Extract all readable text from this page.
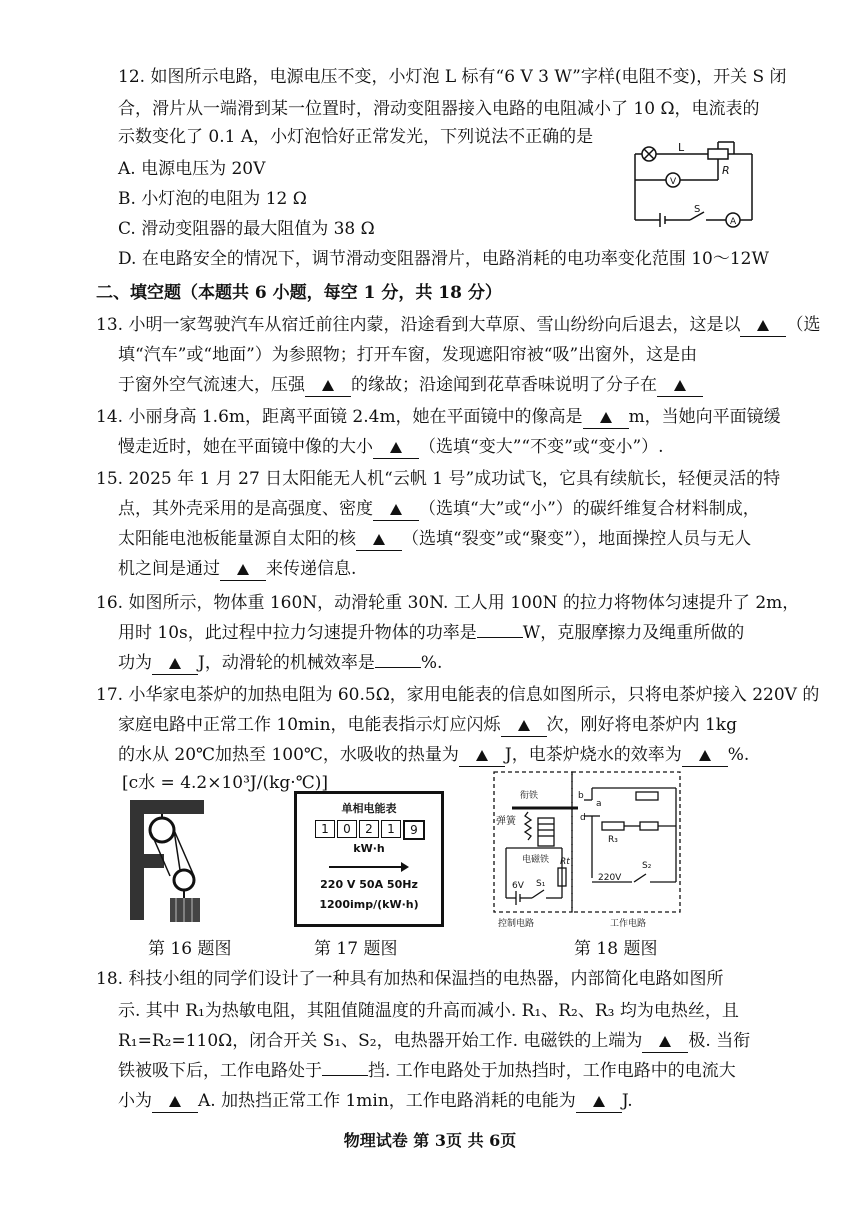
12. 如图所示电路，电源电压不变，小灯泡 L 标有“6 V 3 W”字样(电阻不变)，开关 S 闭
合，滑片从一端滑到某一位置时，滑动变阻器接入电路的电阻减小了 10 Ω，电流表的
示数变化了 0.1 A，小灯泡恰好正常发光，下列说法不正确的是
A. 电源电压为 20V
B. 小灯泡的电阻为 12 Ω
C. 滑动变阻器的最大阻值为 38 Ω
D. 在电路安全的情况下，调节滑动变阻器滑片，电路消耗的电功率变化范围 10～12W
L
V
R
S
A
二、填空题（本题共 6 小题，每空 1 分，共 18 分）
13. 小明一家驾驶汽车从宿迁前往内蒙，沿途看到大草原、雪山纷纷向后退去，这是以	（选
填“汽车”或“地面”）为参照物；打开车窗，发现遮阳帘被“吸”出窗外，这是由
于窗外空气流速大，压强	的缘故；沿途闻到花草香味说明了分子在
14. 小丽身高 1.6m，距离平面镜 2.4m，她在平面镜中的像高是	m，当她向平面镜缓
慢走近时，她在平面镜中像的大小	（选填“变大”“不变”或“变小”）.
15. 2025 年 1 月 27 日太阳能无人机“云帆 1 号”成功试飞，它具有续航长，轻便灵活的特
点，其外壳采用的是高强度、密度	（选填“大”或“小”）的碳纤维复合材料制成，
太阳能电池板能量源自太阳的核	（选填“裂变”或“聚变”），地面操控人员与无人
机之间是通过	来传递信息.
16. 如图所示，物体重 160N，动滑轮重 30N. 工人用 100N 的拉力将物体匀速提升了 2m，
用时 10s，此过程中拉力匀速提升物体的功率是	W，克服摩擦力及绳重所做的
功为	J，动滑轮的机械效率是	%.
17. 小华家电茶炉的加热电阻为 60.5Ω，家用电能表的信息如图所示，只将电茶炉接入 220V 的
家庭电路中正常工作 10min，电能表指示灯应闪烁	次，刚好将电茶炉内 1kg
的水从 20℃加热至 100℃，水吸收的热量为	J，电茶炉烧水的效率为	%.
[c水 = 4.2×10³J/(kg·℃)]
单相电能表
1	0	2	1	9
kW·h
220 V 50A 50Hz
1200imp/(kW·h)
衔铁
弹簧
电磁铁
6V S₁
Rt
R₃
220V
S₂
b
a
d
控制电路	工作电路
第 16 题图	第 17 题图	第 18 题图
18. 科技小组的同学们设计了一种具有加热和保温挡的电热器，内部简化电路如图所
示. 其中 R₁为热敏电阻，其阻值随温度的升高而减小. R₁、R₂、R₃ 均为电热丝，且
R₁=R₂=110Ω，闭合开关 S₁、S₂，电热器开始工作. 电磁铁的上端为	极. 当衔
铁被吸下后，工作电路处于	挡. 工作电路处于加热挡时，工作电路中的电流大
小为	A. 加热挡正常工作 1min，工作电路消耗的电能为	J.
物理试卷 第 3页 共 6页
